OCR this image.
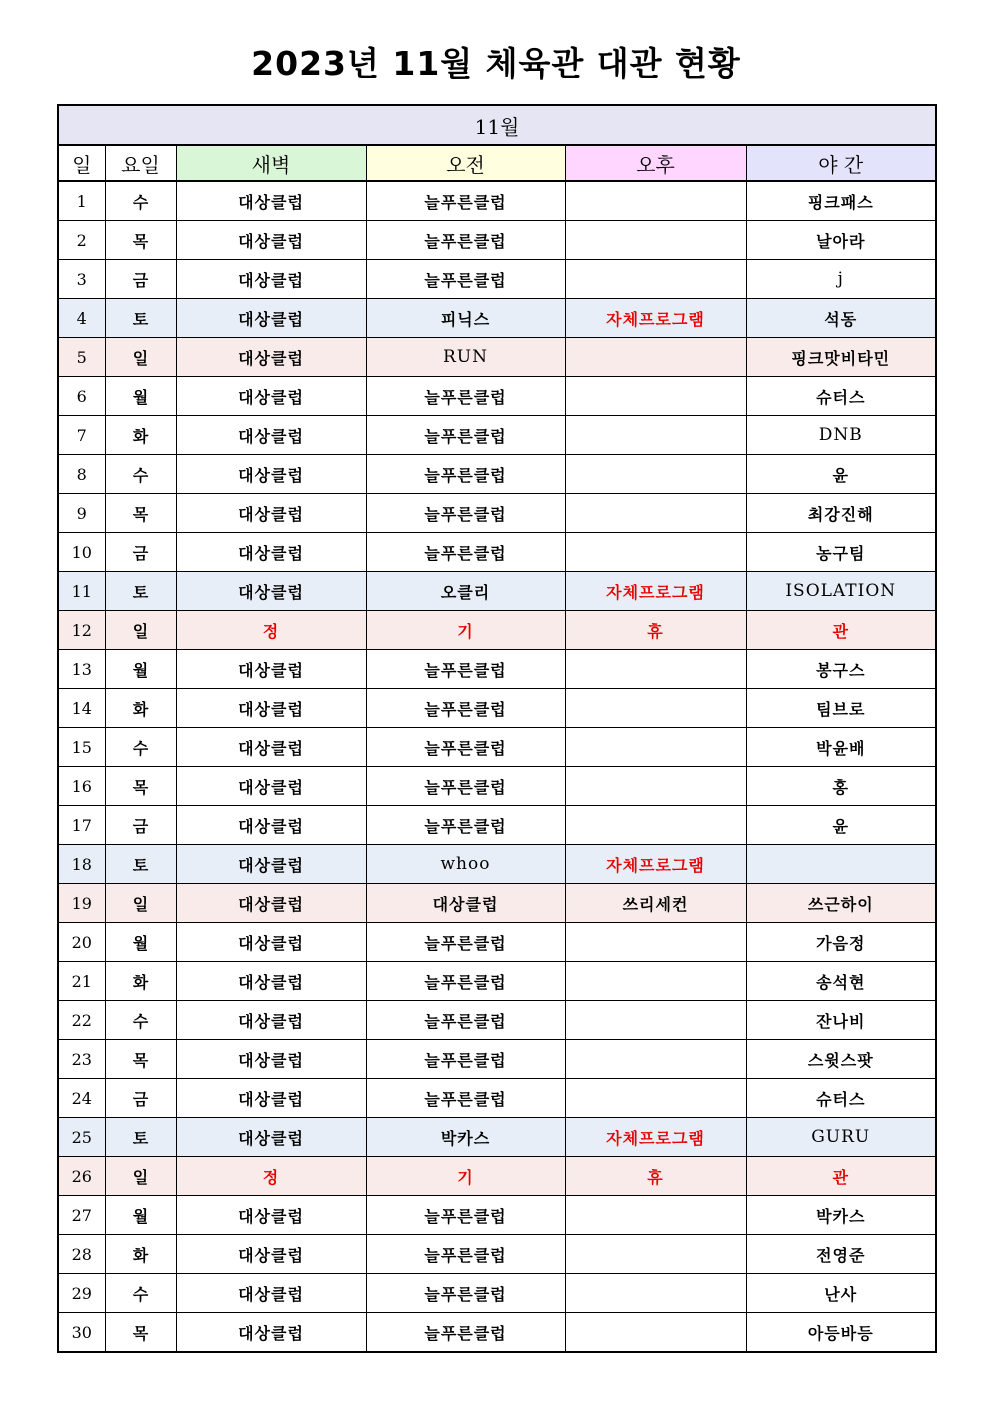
2023년 11월 체육관 대관 현황
11월					
일	요일	새벽	오전	오후	야 간
1	수	대상클럽	늘푸른클럽		핑크패스
2	목	대상클럽	늘푸른클럽		날아라
3	금	대상클럽	늘푸른클럽		j
4	토	대상클럽	피닉스	자체프로그램	석동
5	일	대상클럽	RUN		핑크맛비타민
6	월	대상클럽	늘푸른클럽		슈터스
7	화	대상클럽	늘푸른클럽		DNB
8	수	대상클럽	늘푸른클럽		윤
9	목	대상클럽	늘푸른클럽		최강진해
10	금	대상클럽	늘푸른클럽		농구팀
11	토	대상클럽	오클리	자체프로그램	ISOLATION
12	일	정	기	휴	관
13	월	대상클럽	늘푸른클럽		봉구스
14	화	대상클럽	늘푸른클럽		팀브로
15	수	대상클럽	늘푸른클럽		박윤배
16	목	대상클럽	늘푸른클럽		홍
17	금	대상클럽	늘푸른클럽		윤
18	토	대상클럽	whoo	자체프로그램	
19	일	대상클럽	대상클럽	쓰리세컨	쓰근하이
20	월	대상클럽	늘푸른클럽		가음정
21	화	대상클럽	늘푸른클럽		송석현
22	수	대상클럽	늘푸른클럽		잔나비
23	목	대상클럽	늘푸른클럽		스윗스팟
24	금	대상클럽	늘푸른클럽		슈터스
25	토	대상클럽	박카스	자체프로그램	GURU
26	일	정	기	휴	관
27	월	대상클럽	늘푸른클럽		박카스
28	화	대상클럽	늘푸른클럽		전영준
29	수	대상클럽	늘푸른클럽		난사
30	목	대상클럽	늘푸른클럽		아등바등
